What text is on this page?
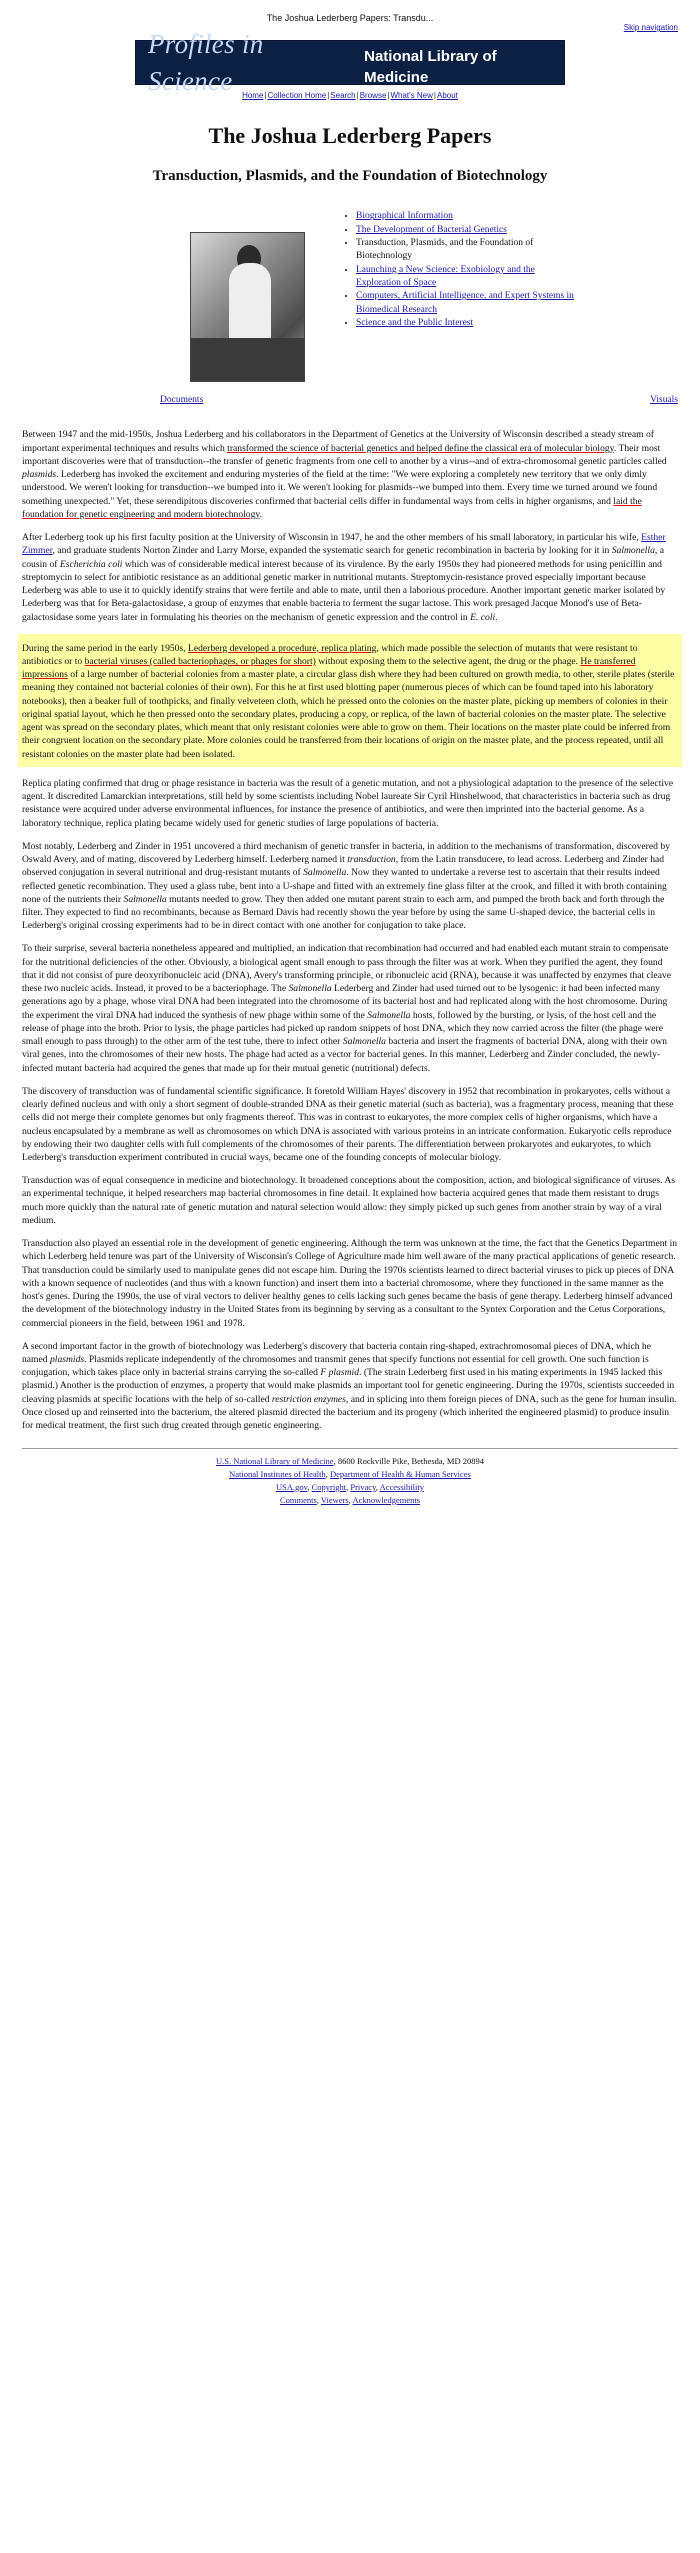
The Joshua Lederberg Papers: Transdu...
Skip navigation
Profiles in Science
National Library of Medicine
Home|Collection Home|Search|Browse|What's New|About
The Joshua Lederberg Papers
Transduction, Plasmids, and the Foundation of Biotechnology
• Biographical Information
• The Development of Bacterial Genetics
• Transduction, Plasmids, and the Foundation of Biotechnology
• Launching a New Science: Exobiology and the Exploration of Space
• Computers, Artificial Intelligence, and Expert Systems in Biomedical Research
• Science and the Public Interest
Documents	Visuals

Between 1947 and the mid-1950s, Joshua Lederberg and his collaborators in the Department of Genetics at the University of Wisconsin described a steady stream of important experimental techniques and results which transformed the science of bacterial genetics and helped define the classical era of molecular biology. Their most important discoveries were that of transduction--the transfer of genetic fragments from one cell to another by a virus--and of extra-chromosomal genetic particles called plasmids. Lederberg has invoked the excitement and enduring mysteries of the field at the time: "We were exploring a completely new territory that we only dimly understood. We weren't looking for transduction--we bumped into it. We weren't looking for plasmids--we bumped into them. Every time we turned around we found something unexpected." Yet, these serendipitous discoveries confirmed that bacterial cells differ in fundamental ways from cells in higher organisms, and laid the foundation for genetic engineering and modern biotechnology.

After Lederberg took up his first faculty position at the University of Wisconsin in 1947, he and the other members of his small laboratory, in particular his wife, Esther Zimmer, and graduate students Norton Zinder and Larry Morse, expanded the systematic search for genetic recombination in bacteria by looking for it in Salmonella, a cousin of Escherichia coli which was of considerable medical interest because of its virulence. By the early 1950s they had pioneered methods for using penicillin and streptomycin to select for antibiotic resistance as an additional genetic marker in nutritional mutants. Streptomycin-resistance proved especially important because Lederberg was able to use it to quickly identify strains that were fertile and able to mate, until then a laborious procedure. Another important genetic marker isolated by Lederberg was that for Beta-galactosidase, a group of enzymes that enable bacteria to ferment the sugar lactose. This work presaged Jacque Monod's use of Beta-galactosidase some years later in formulating his theories on the mechanism of genetic expression and the control in E. coli.

During the same period in the early 1950s, Lederberg developed a procedure, replica plating, which made possible the selection of mutants that were resistant to antibiotics or to bacterial viruses (called bacteriophages, or phages for short) without exposing them to the selective agent, the drug or the phage. He transferred impressions of a large number of bacterial colonies from a master plate, a circular glass dish where they had been cultured on growth media, to other, sterile plates (sterile meaning they contained not bacterial colonies of their own). For this he at first used blotting paper (numerous pieces of which can be found taped into his laboratory notebooks), then a beaker full of toothpicks, and finally velveteen cloth, which he pressed onto the colonies on the master plate, picking up members of colonies in their original spatial layout, which he then pressed onto the secondary plates, producing a copy, or replica, of the lawn of bacterial colonies on the master plate. The selective agent was spread on the secondary plates, which meant that only resistant colonies were able to grow on them. Their locations on the master plate could be inferred from their congruent location on the secondary plate. More colonies could be transferred from their locations of origin on the master plate, and the process repeated, until all resistant colonies on the master plate had been isolated.

Replica plating confirmed that drug or phage resistance in bacteria was the result of a genetic mutation, and not a physiological adaptation to the presence of the selective agent. It discredited Lamarckian interpretations, still held by some scientists including Nobel laureate Sir Cyril Hinshelwood, that characteristics in bacteria such as drug resistance were acquired under adverse environmental influences, for instance the presence of antibiotics, and were then imprinted into the bacterial genome. As a laboratory technique, replica plating became widely used for genetic studies of large populations of bacteria.

Most notably, Lederberg and Zinder in 1951 uncovered a third mechanism of genetic transfer in bacteria, in addition to the mechanisms of transformation, discovered by Oswald Avery, and of mating, discovered by Lederberg himself. Lederberg named it transduction, from the Latin transducere, to lead across. Lederberg and Zinder had observed conjugation in several nutritional and drug-resistant mutants of Salmonella. Now they wanted to undertake a reverse test to ascertain that their results indeed reflected genetic recombination. They used a glass tube, bent into a U-shape and fitted with an extremely fine glass filter at the crook, and filled it with broth containing none of the nutrients their Salmonella mutants needed to grow. They then added one mutant parent strain to each arm, and pumped the broth back and forth through the filter. They expected to find no recombinants, because as Bernard Davis had recently shown the year before by using the same U-shaped device, the bacterial cells in Lederberg's original crossing experiments had to be in direct contact with one another for conjugation to take place.

To their surprise, several bacteria nonetheless appeared and multiplied, an indication that recombination had occurred and had enabled each mutant strain to compensate for the nutritional deficiencies of the other. Obviously, a biological agent small enough to pass through the filter was at work. When they purified the agent, they found that it did not consist of pure deoxyribonucleic acid (DNA), Avery's transforming principle, or ribonucleic acid (RNA), because it was unaffected by enzymes that cleave these two nucleic acids. Instead, it proved to be a bacteriophage. The Salmonella Lederberg and Zinder had used turned out to be lysogenic: it had been infected many generations ago by a phage, whose viral DNA had been integrated into the chromosome of its bacterial host and had replicated along with the host chromosome. During the experiment the viral DNA had induced the synthesis of new phage within some of the Salmonella hosts, followed by the bursting, or lysis, of the host cell and the release of phage into the broth. Prior to lysis, the phage particles had picked up random snippets of host DNA, which they now carried across the filter (the phage were small enough to pass through) to the other arm of the test tube, there to infect other Salmonella bacteria and insert the fragments of bacterial DNA, along with their own viral genes, into the chromosomes of their new hosts. The phage had acted as a vector for bacterial genes. In this manner, Lederberg and Zinder concluded, the newly-infected mutant bacteria had acquired the genes that made up for their mutual genetic (nutritional) defects.

The discovery of transduction was of fundamental scientific significance. It foretold William Hayes' discovery in 1952 that recombination in prokaryotes, cells without a clearly defined nucleus and with only a short segment of double-stranded DNA as their genetic material (such as bacteria), was a fragmentary process, meaning that these cells did not merge their complete genomes but only fragments thereof. This was in contrast to eukaryotes, the more complex cells of higher organisms, which have a nucleus encapsulated by a membrane as well as chromosomes on which DNA is associated with various proteins in an intricate conformation. Eukaryotic cells reproduce by endowing their two daughter cells with full complements of the chromosomes of their parents. The differentiation between prokaryotes and eukaryotes, to which Lederberg's transduction experiment contributed in crucial ways, became one of the founding concepts of molecular biology.

Transduction was of equal consequence in medicine and biotechnology. It broadened conceptions about the composition, action, and biological significance of viruses. As an experimental technique, it helped researchers map bacterial chromosomes in fine detail. It explained how bacteria acquired genes that made them resistant to drugs much more quickly than the natural rate of genetic mutation and natural selection would allow: they simply picked up such genes from another strain by way of a viral medium.

Transduction also played an essential role in the development of genetic engineering. Although the term was unknown at the time, the fact that the Genetics Department in which Lederberg held tenure was part of the University of Wisconsin's College of Agriculture made him well aware of the many practical applications of genetic research. That transduction could be similarly used to manipulate genes did not escape him. During the 1970s scientists learned to direct bacterial viruses to pick up pieces of DNA with a known sequence of nucleotides (and thus with a known function) and insert them into a bacterial chromosome, where they functioned in the same manner as the host's genes. During the 1990s, the use of viral vectors to deliver healthy genes to cells lacking such genes became the basis of gene therapy. Lederberg himself advanced the development of the biotechnology industry in the United States from its beginning by serving as a consultant to the Syntex Corporation and the Cetus Corporations, commercial pioneers in the field, between 1961 and 1978.

A second important factor in the growth of biotechnology was Lederberg's discovery that bacteria contain ring-shaped, extrachromosomal pieces of DNA, which he named plasmids. Plasmids replicate independently of the chromosomes and transmit genes that specify functions not essential for cell growth. One such function is conjugation, which takes place only in bacterial strains carrying the so-called F plasmid. (The strain Lederberg first used in his mating experiments in 1945 lacked this plasmid.) Another is the production of enzymes, a property that would make plasmids an important tool for genetic engineering. During the 1970s, scientists succeeded in cleaving plasmids at specific locations with the help of so-called restriction enzymes, and in splicing into them foreign pieces of DNA, such as the gene for human insulin. Once closed up and reinserted into the bacterium, the altered plasmid directed the bacterium and its progeny (which inherited the engineered plasmid) to produce insulin for medical treatment, the first such drug created through genetic engineering.

U.S. National Library of Medicine, 8600 Rockville Pike, Bethesda, MD 20894
National Institutes of Health, Department of Health & Human Services
USA.gov, Copyright, Privacy, Accessibility
Comments, Viewers, Acknowledgements
